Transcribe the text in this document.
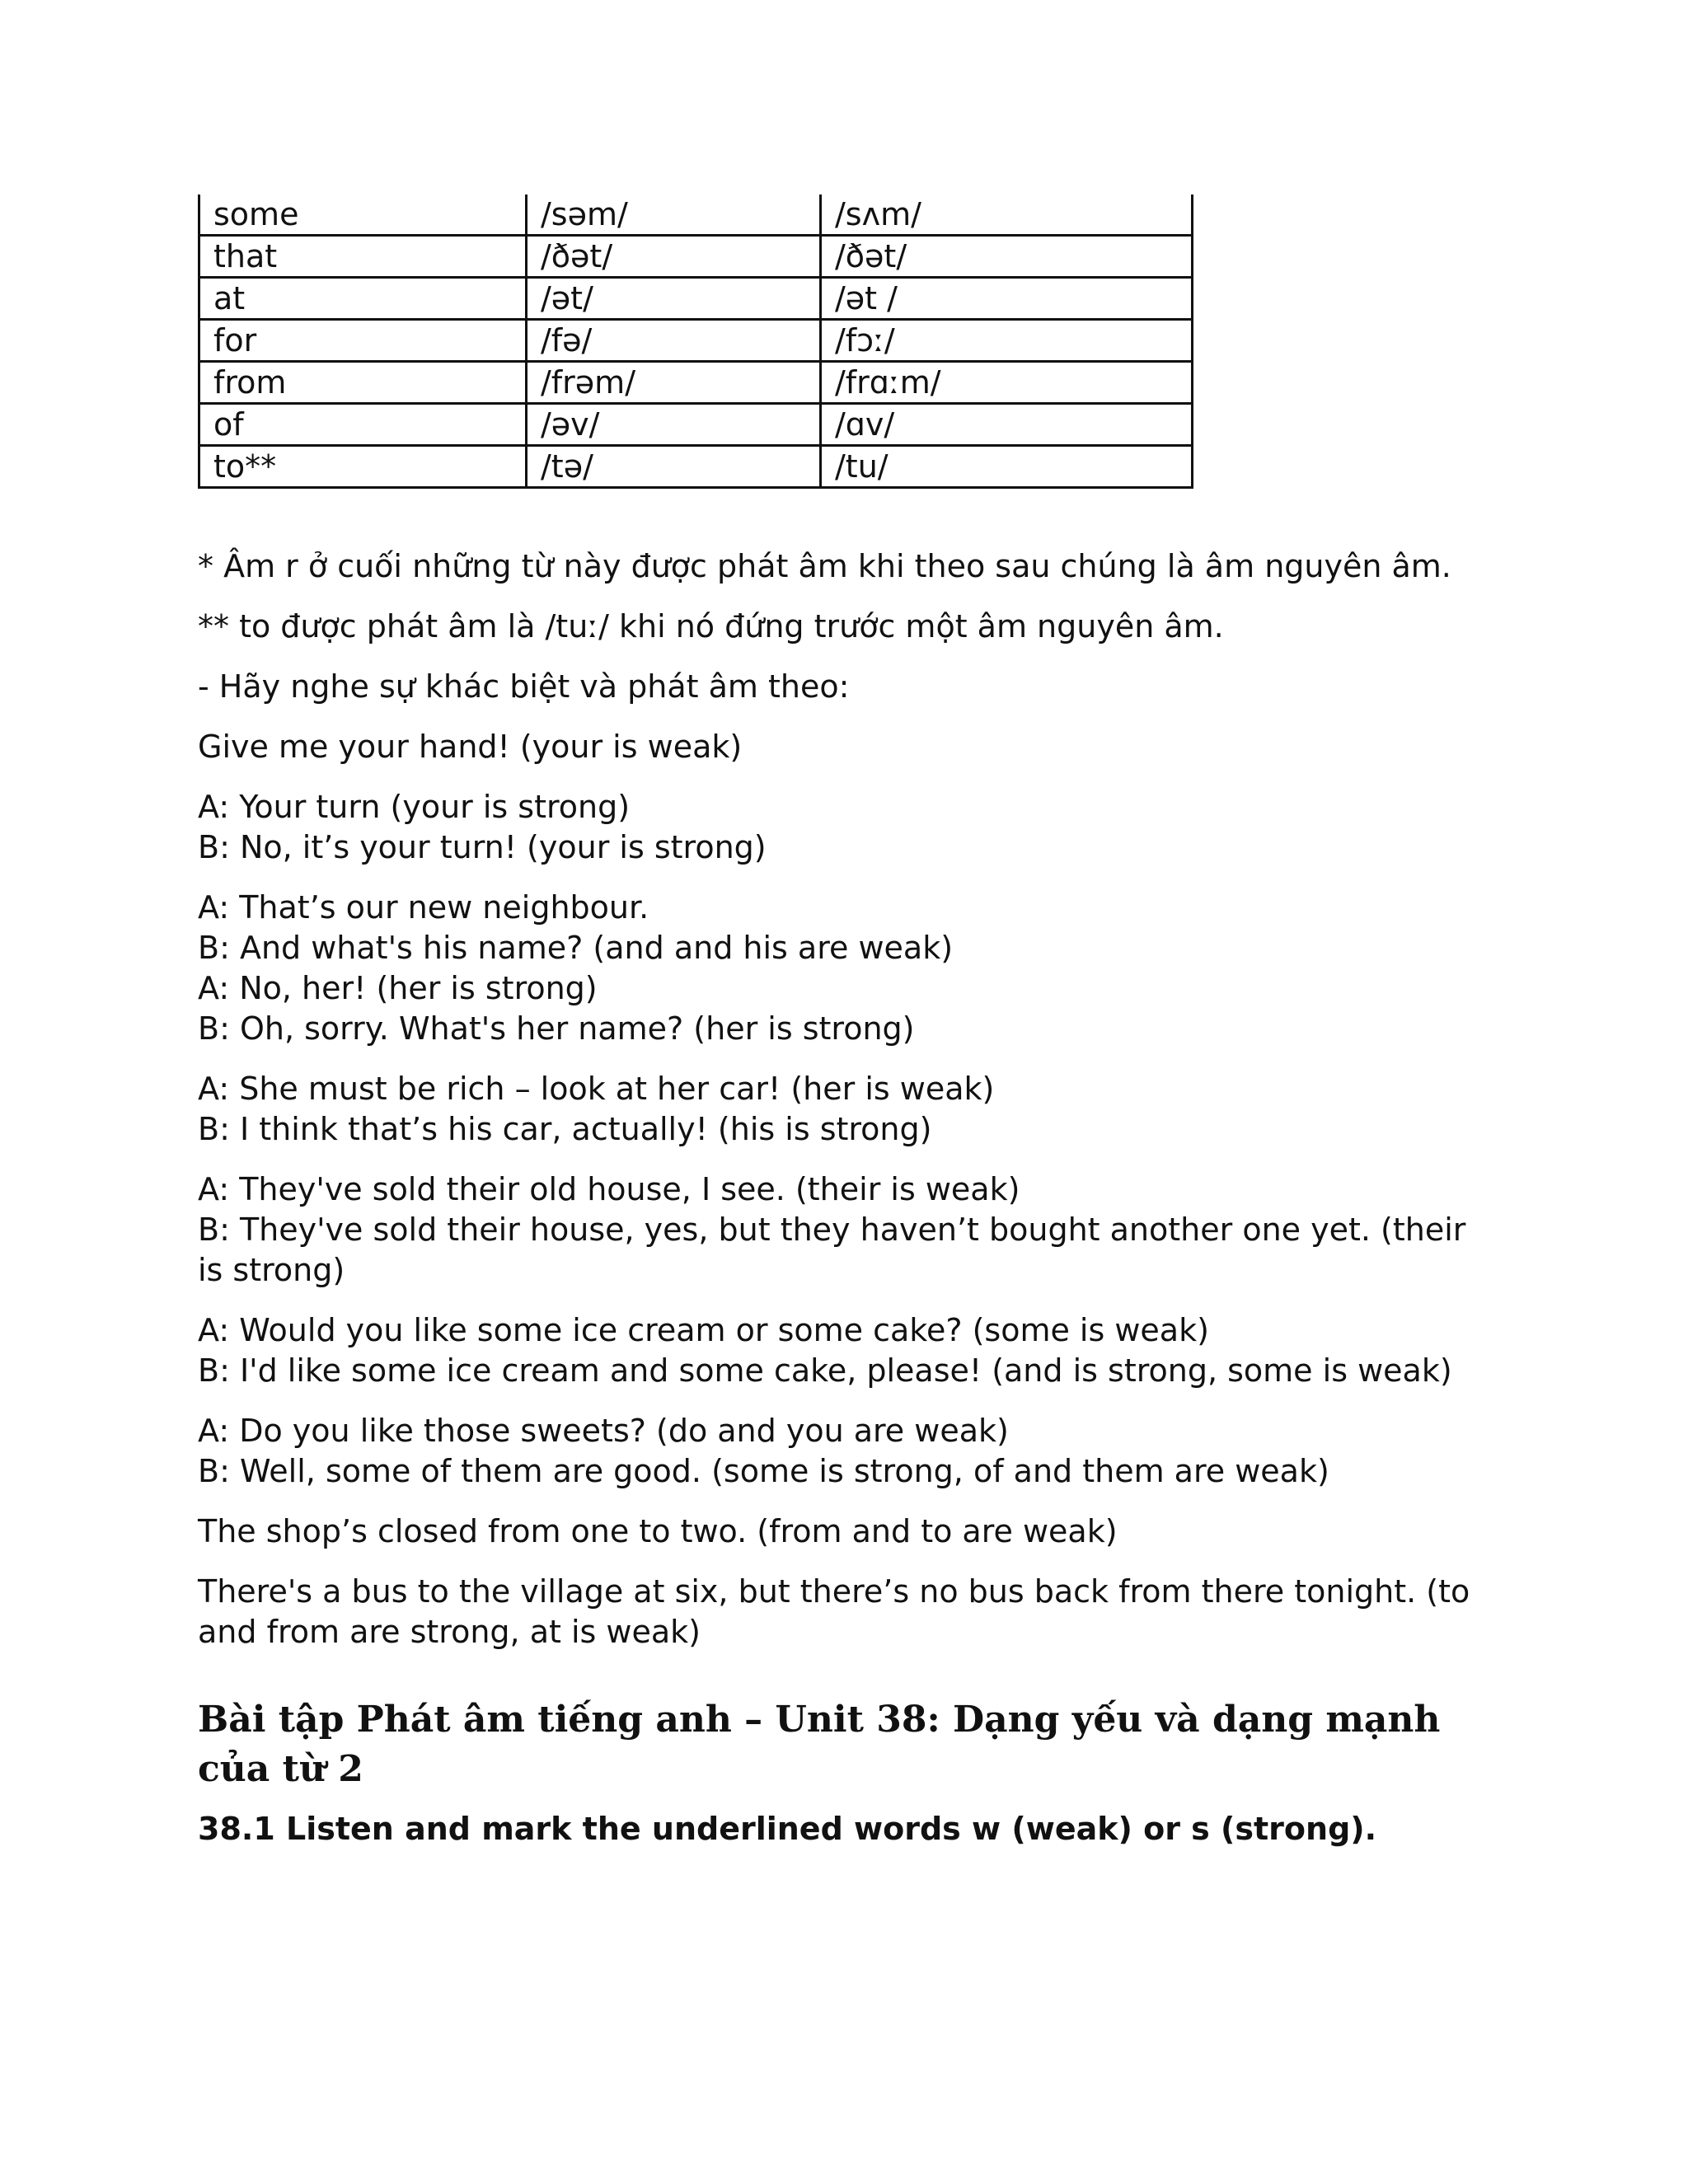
some	/səm/	/sʌm/
that	/ðət/	/ðət/
at	/ət/	/ət /
for	/fə/	/fɔː/
from	/frəm/	/frɑːm/
of	/əv/	/ɑv/
to**	/tə/	/tu/

* Âm r ở cuối những từ này được phát âm khi theo sau chúng là âm nguyên âm.

** to được phát âm là /tuː/ khi nó đứng trước một âm nguyên âm.

- Hãy nghe sự khác biệt và phát âm theo:

Give me your hand! (your is weak)

A: Your turn (your is strong)

B: No, it’s your turn! (your is strong)

A: That’s our new neighbour.

B: And what's his name? (and and his are weak)

A: No, her! (her is strong)

B: Oh, sorry. What's her name? (her is strong)

A: She must be rich – look at her car! (her is weak)

B: I think that’s his car, actually! (his is strong)

A: They've sold their old house, I see. (their is weak)

B: They've sold their house, yes, but they haven’t bought another one yet. (their is strong)

A: Would you like some ice cream or some cake? (some is weak)

B: I'd like some ice cream and some cake, please! (and is strong, some is weak)

A: Do you like those sweets? (do and you are weak)

B: Well, some of them are good. (some is strong, of and them are weak)

The shop’s closed from one to two. (from and to are weak)

There's a bus to the village at six, but there’s no bus back from there tonight. (to and from are strong, at is weak)

Bài tập Phát âm tiếng anh – Unit 38: Dạng yếu và dạng mạnh của từ 2

38.1 Listen and mark the underlined words w (weak) or s (strong).
